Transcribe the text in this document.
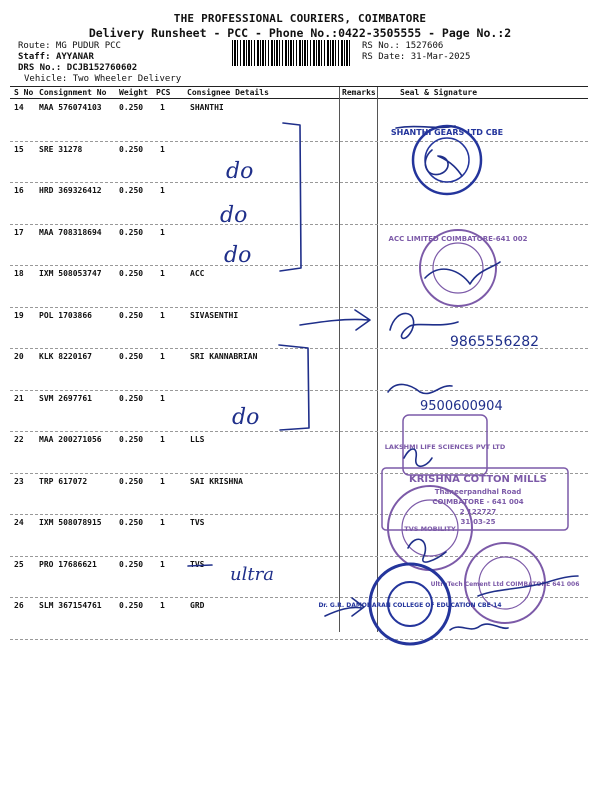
THE PROFESSIONAL COURIERS, COIMBATORE
Delivery Runsheet - PCC - Phone No.:0422-3505555 - Page No.:2
Route: MG PUDUR PCC
Staff: AYYANAR
DRS No.: DCJB152760602
Vehicle: Two Wheeler Delivery
RS No.: 1527606
RS Date: 31-Mar-2025
S No Consignment No Weight PCS Consignee Details	Remarks	Seal & Signature
14 MAA 576074103 0.250 1	SHANTHI
15 SRE 31278	0.250 1
16 HRD 369326412 0.250 1
17 MAA 708318694 0.250 1
18 IXM 508053747 0.250 1	ACC
19 POL 1703866	0.250 1	SIVASENTHI
20 KLK 8220167	0.250 1	SRI KANNABRIAN
21 SVM 2697761	0.250 1
22 MAA 200271056 0.250 1	LLS
23 TRP 617072	0.250 1	SAI KRISHNA
24 IXM 508078915 0.250 1	TVS
25 PRO 17686621	0.250 1	TVS
26 SLM 367154761 0.250 1	GRD
SHANTHI GEARS LTD CBE
do
do
do
ACC LIMITED COIMBATORE-641 002
9865556282
do	9500600904
LAKSHMI LIFE SCIENCES PVT LTD
KRISHNA COTTON MILLS
Thaneerpandhal Road
COIMBATORE - 641 004
2 122727
31-03-25
TVS MOBILITY
ultra	UltraTech Cement Ltd COIMBATORE 641 006
Dr. G.R. DAMODARAN COLLEGE OF EDUCATION CBE-14
